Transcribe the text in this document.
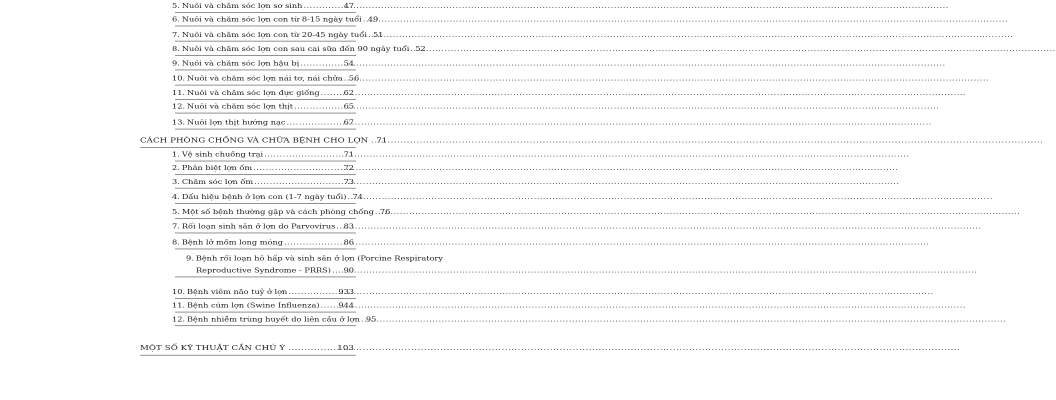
5. Nuôi và chăm sóc lợn sơ sinh .....	47
6. Nuôi và chăm sóc lợn con từ 8-15 ngày tuổi ..... 49
7. Nuôi và chăm sóc lợn con từ 20-45 ngày tuổi ..... 51
8. Nuôi và chăm sóc lợn con sau cai sữa đến 90 ngày tuổi ..... 52
9. Nuôi và chăm sóc lợn hậu bị .....	54
10. Nuôi và chăm sóc lợn nái tơ, nái chửa ..... 56
11. Nuôi và chăm sóc lợn đực giống .....	62
12. Nuôi và chăm sóc lợn thịt .....	65
13. Nuôi lợn thịt hướng nạc .....	67
CÁCH PHÒNG CHỐNG VÀ CHỮA BỆNH CHO LỢN ..... 71
1. Vệ sinh chuồng trại .....	71
2. Phân biệt lợn ốm .....	72
3. Chăm sóc lợn ốm .....	73
4. Dấu hiệu bệnh ở lợn con (1-7 ngày tuổi) ..... 74
5. Một số bệnh thường gặp và cách phòng chống ..... 76
7. Rối loạn sinh sản ở lợn do Parvovirus ..... 83
8. Bệnh lở mồm long móng .....	86
9. Bệnh rối loạn hô hấp và sinh sản ở lợn (Porcine Respiratory
Reproductive Syndrome - PRRS) ..... 90
10. Bệnh viêm não tuỷ ở lợn .....	933
11. Bệnh cúm lợn (Swine Influenza) ..... 944
12. Bệnh nhiễm trùng huyết do liên cầu ở lợn ..... 95
MỘT SỐ KỸ THUẬT CẦN CHÚ Ý .....	103
